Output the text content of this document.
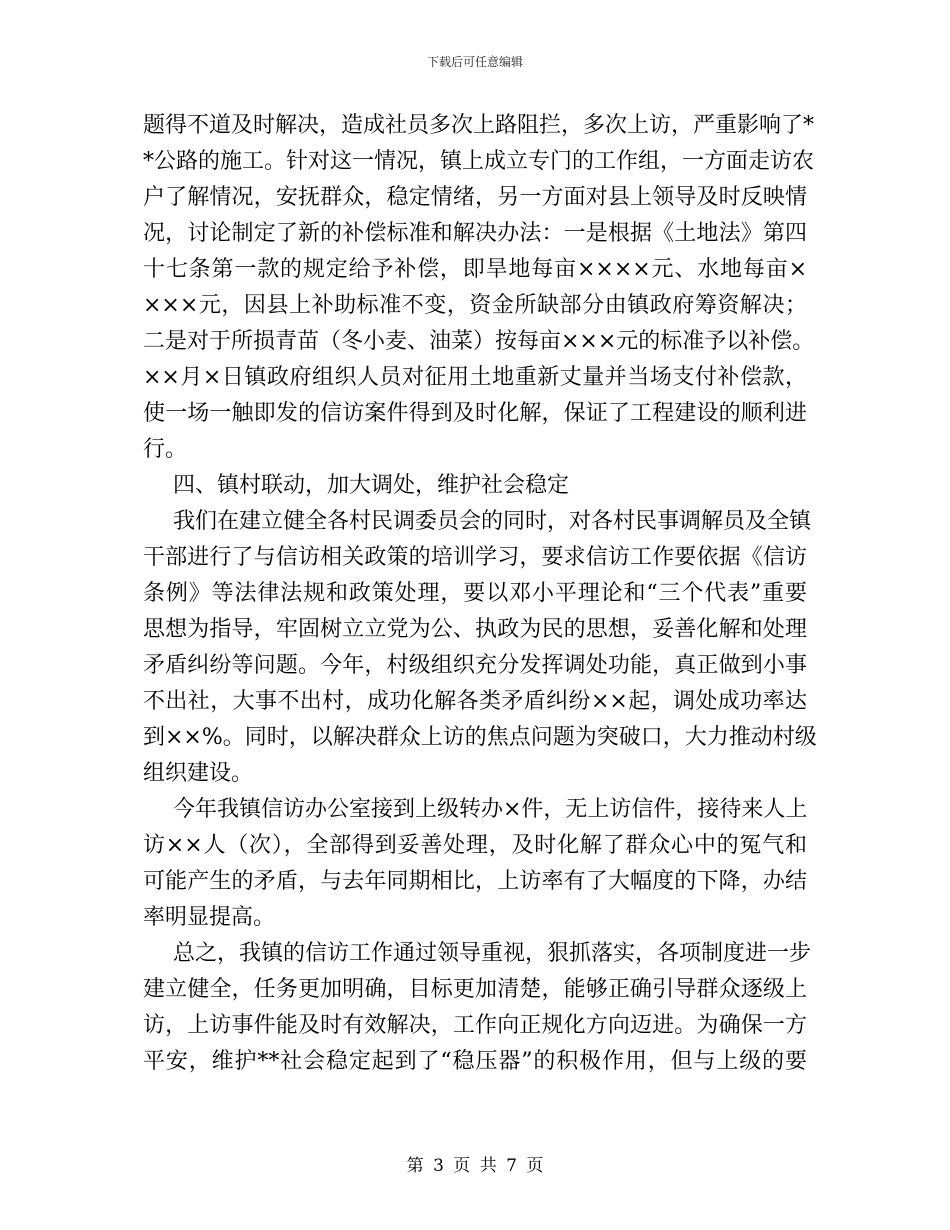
下载后可任意编辑
题得不道及时解决，造成社员多次上路阻拦，多次上访，严重影响了*
*公路的施工。针对这一情况，镇上成立专门的工作组，一方面走访农
户了解情况，安抚群众，稳定情绪，另一方面对县上领导及时反映情
况，讨论制定了新的补偿标准和解决办法：一是根据《土地法》第四
十七条第一款的规定给予补偿，即旱地每亩××××元、水地每亩×
×××元，因县上补助标准不变，资金所缺部分由镇政府筹资解决；
二是对于所损青苗（冬小麦、油菜）按每亩×××元的标准予以补偿。
××月×日镇政府组织人员对征用土地重新丈量并当场支付补偿款，
使一场一触即发的信访案件得到及时化解，保证了工程建设的顺利进
行。
四、镇村联动，加大调处，维护社会稳定
我们在建立健全各村民调委员会的同时，对各村民事调解员及全镇
干部进行了与信访相关政策的培训学习，要求信访工作要依据《信访
条例》等法律法规和政策处理，要以邓小平理论和“三个代表”重要
思想为指导，牢固树立立党为公、执政为民的思想，妥善化解和处理
矛盾纠纷等问题。今年，村级组织充分发挥调处功能，真正做到小事
不出社，大事不出村，成功化解各类矛盾纠纷××起，调处成功率达
到××%。同时，以解决群众上访的焦点问题为突破口，大力推动村级
组织建设。
今年我镇信访办公室接到上级转办×件，无上访信件，接待来人上
访××人（次），全部得到妥善处理，及时化解了群众心中的冤气和
可能产生的矛盾，与去年同期相比，上访率有了大幅度的下降，办结
率明显提高。
总之，我镇的信访工作通过领导重视，狠抓落实，各项制度进一步
建立健全，任务更加明确，目标更加清楚，能够正确引导群众逐级上
访，上访事件能及时有效解决，工作向正规化方向迈进。为确保一方
平安，维护**社会稳定起到了“稳压器”的积极作用，但与上级的要
第 3 页 共 7 页
